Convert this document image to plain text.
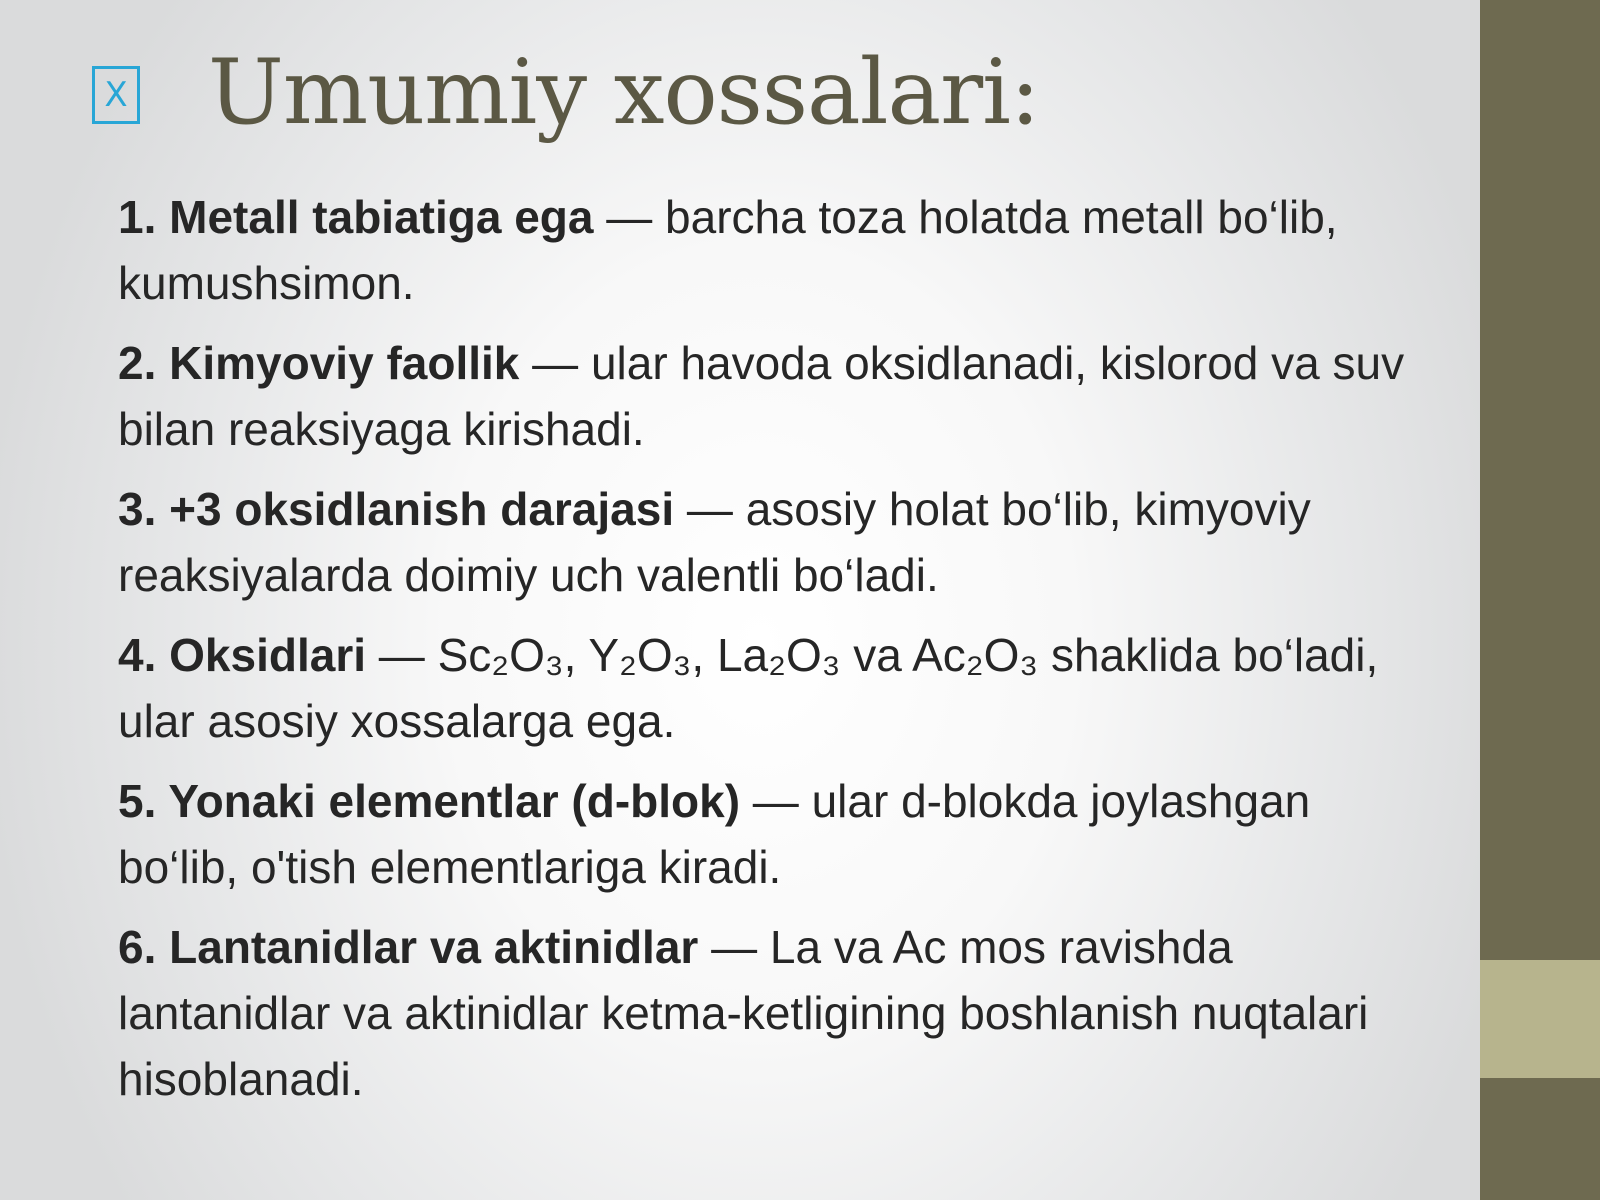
X Umumiy xossalari:

1. Metall tabiatiga ega — barcha toza holatda metall bo‘lib, kumushsimon.

2. Kimyoviy faollik — ular havoda oksidlanadi, kislorod va suv bilan reaksiyaga kirishadi.

3. +3 oksidlanish darajasi — asosiy holat bo‘lib, kimyoviy reaksiyalarda doimiy uch valentli bo‘ladi.

4. Oksidlari — Sc₂O₃, Y₂O₃, La₂O₃ va Ac₂O₃ shaklida bo‘ladi, ular asosiy xossalarga ega.

5. Yonaki elementlar (d-blok) — ular d-blokda joylashgan bo‘lib, o'tish elementlariga kiradi.

6. Lantanidlar va aktinidlar — La va Ac mos ravishda lantanidlar va aktinidlar ketma-ketligining boshlanish nuqtalari hisoblanadi.
